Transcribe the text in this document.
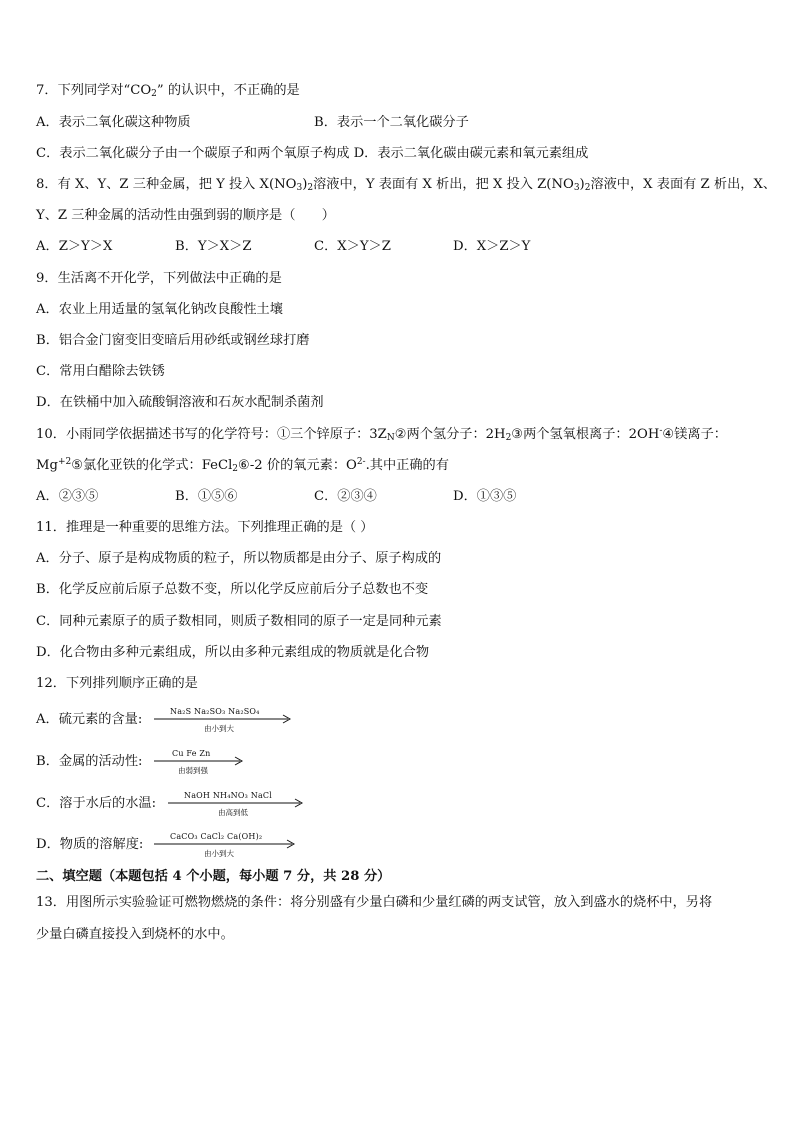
7．下列同学对“$CO_2$” 的认识中，不正确的是
A．表示二氧化碳这种物质	B．表示一个二氧化碳分子
C．表示二氧化碳分子由一个碳原子和两个氧原子构成 D．表示二氧化碳由碳元素和氧元素组成
8．有 X、Y、Z 三种金属，把 Y 投入 $X(NO_3)_2$溶液中，Y 表面有 X 析出，把 X 投入 $Z(NO_3)_2$溶液中，X 表面有 Z 析出，X、
Y、Z 三种金属的活动性由强到弱的顺序是（　　）
A．Z＞Y＞X	B．Y＞X＞Z	C．X＞Y＞Z	D．X＞Z＞Y
9．生活离不开化学，下列做法中正确的是
A．农业上用适量的氢氧化钠改良酸性土壤
B．铝合金门窗变旧变暗后用砂纸或钢丝球打磨
C．常用白醋除去铁锈
D．在铁桶中加入硫酸铜溶液和石灰水配制杀菌剂
10．小雨同学依据描述书写的化学符号：①三个锌原子：$3Z_N②$两个氢分子：$2H_2③$两个氢氧根离子：2OH-④镁离子：
$Mg^{+2}⑤$氯化亚铁的化学式：FeCl$_2$⑥-2 价的氧元素：$O^{2-}$.其中正确的有
A．②③⑤	B．①⑤⑥	C．②③④	D．①③⑤
11．推理是一种重要的思维方法。下列推理正确的是（ ）
A．分子、原子是构成物质的粒子，所以物质都是由分子、原子构成的
B．化学反应前后原子总数不变，所以化学反应前后分子总数也不变
C．同种元素原子的质子数相同，则质子数相同的原子一定是同种元素
D．化合物由多种元素组成，所以由多种元素组成的物质就是化合物
12．下列排列顺序正确的是
A．硫元素的含量:
Na₂S Na₂SO₃ Na₂SO₄
由小到大
B．金属的活动性:
Cu Fe Zn
由弱到强
C．溶于水后的水温:
NaOH NH₄NO₃ NaCl
由高到低
D．物质的溶解度:
CaCO₃ CaCl₂ Ca(OH)₂
由小到大
二、填空题（本题包括 4 个小题，每小题 7 分，共 28 分）
13．用图所示实验验证可燃物燃烧的条件：将分别盛有少量白磷和少量红磷的两支试管，放入到盛水的烧杯中，另将
少量白磷直接投入到烧杯的水中。
